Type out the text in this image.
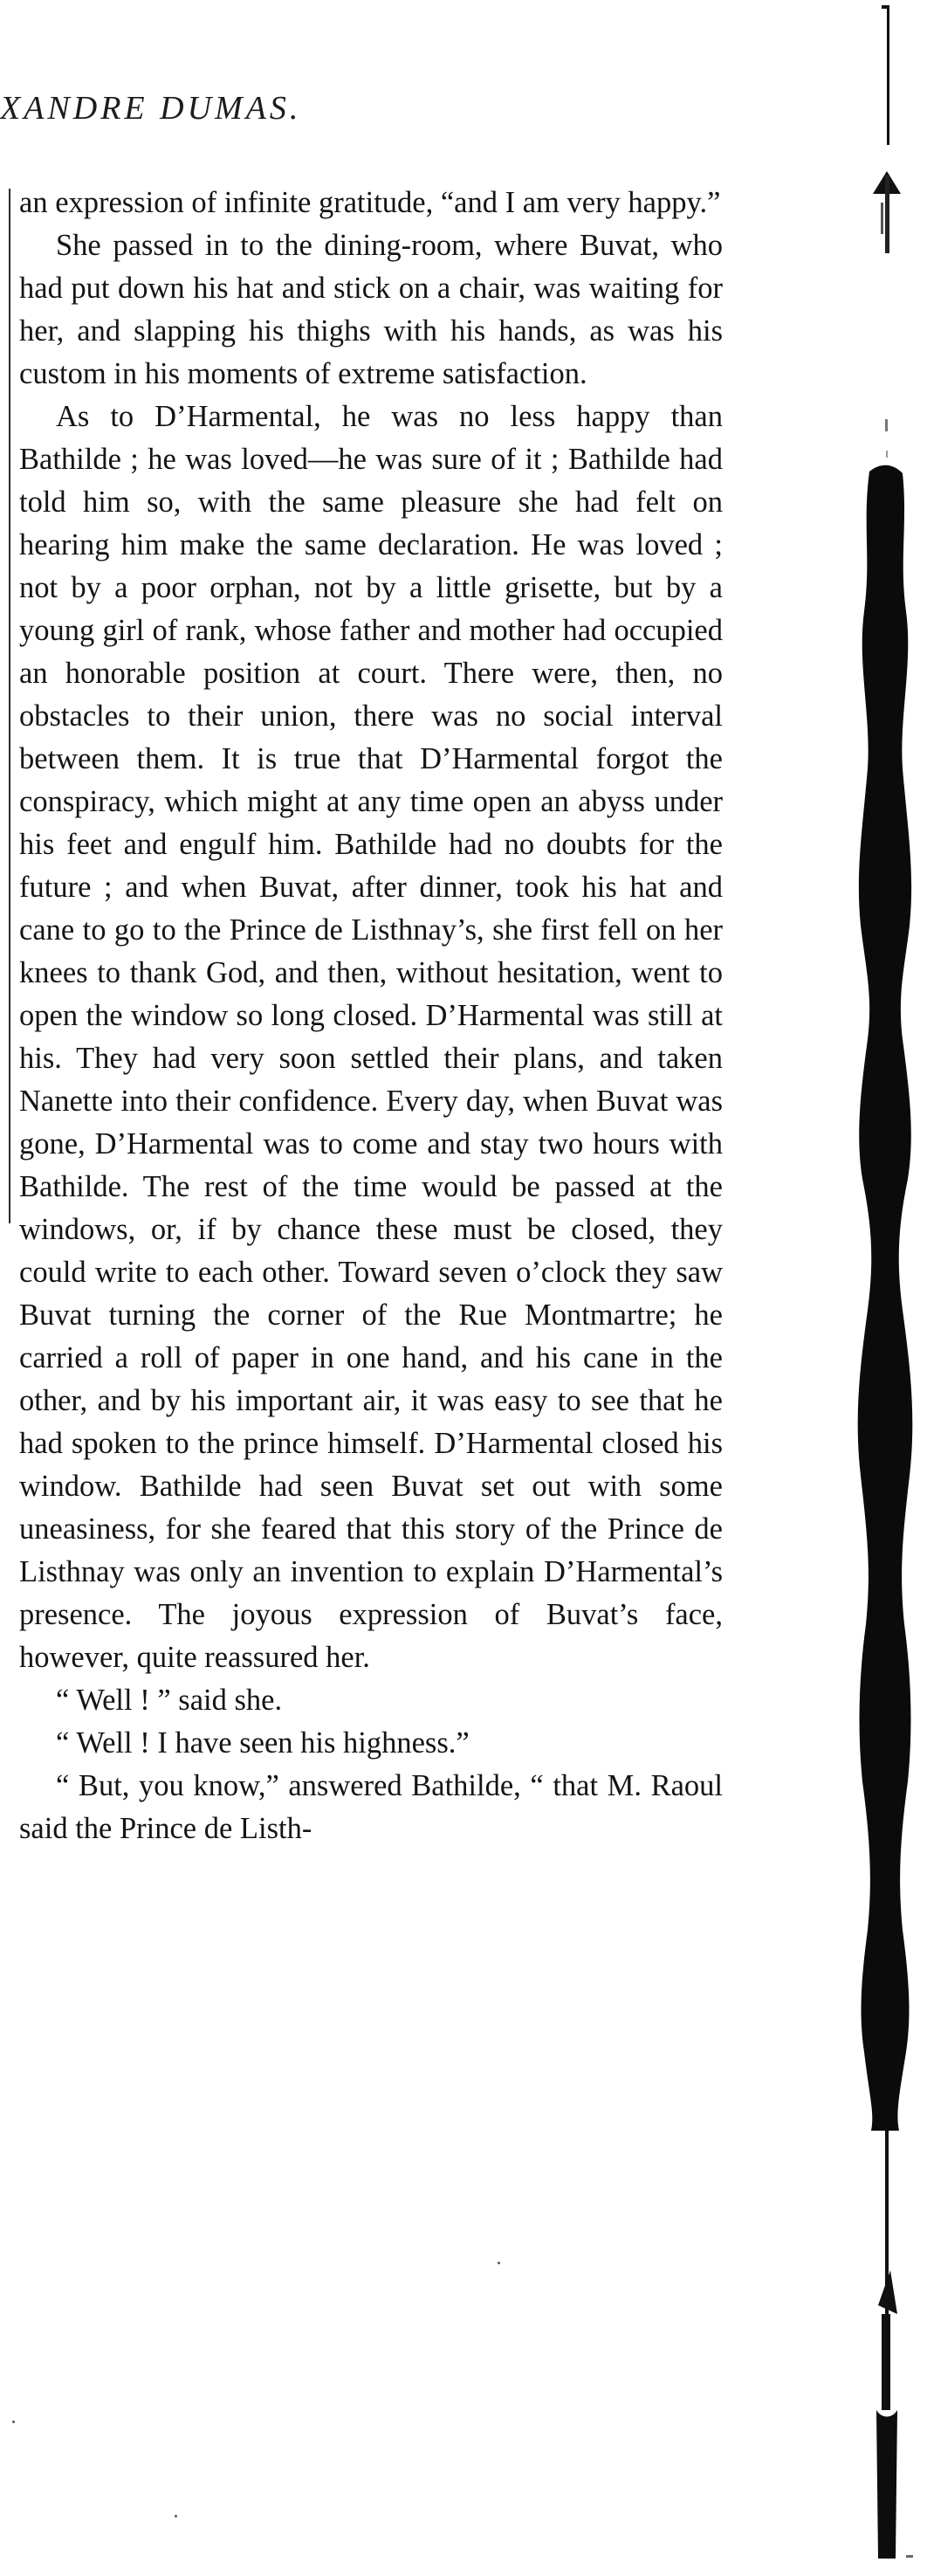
XANDRE DUMAS.

an expression of infinite gratitude, “and I am very happy.”

She passed in to the dining-room, where Buvat, who had put down his hat and stick on a chair, was waiting for her, and slapping his thighs with his hands, as was his custom in his moments of extreme satisfaction.

As to D’Harmental, he was no less happy than Bathilde ; he was loved—he was sure of it ; Bathilde had told him so, with the same pleasure she had felt on hearing him make the same declaration. He was loved ; not by a poor orphan, not by a little grisette, but by a young girl of rank, whose father and mother had occupied an honorable position at court. There were, then, no obstacles to their union, there was no social interval between them. It is true that D’Harmental forgot the conspiracy, which might at any time open an abyss under his feet and engulf him. Bathilde had no doubts for the future ; and when Buvat, after dinner, took his hat and cane to go to the Prince de Listhnay’s, she first fell on her knees to thank God, and then, without hesitation, went to open the window so long closed. D’Harmental was still at his. They had very soon settled their plans, and taken Nanette into their confidence. Every day, when Buvat was gone, D’Harmental was to come and stay two hours with Bathilde. The rest of the time would be passed at the windows, or, if by chance these must be closed, they could write to each other. Toward seven o’clock they saw Buvat turning the corner of the Rue Montmartre; he carried a roll of paper in one hand, and his cane in the other, and by his important air, it was easy to see that he had spoken to the prince himself. D’Harmental closed his window. Bathilde had seen Buvat set out with some uneasiness, for she feared that this story of the Prince de Listhnay was only an invention to explain D’Harmental’s presence. The joyous expression of Buvat’s face, however, quite reassured her.

“ Well ! ” said she.

“ Well ! I have seen his highness.”

“ But, you know,” answered Bathilde, “ that M. Raoul said the Prince de Listh-
